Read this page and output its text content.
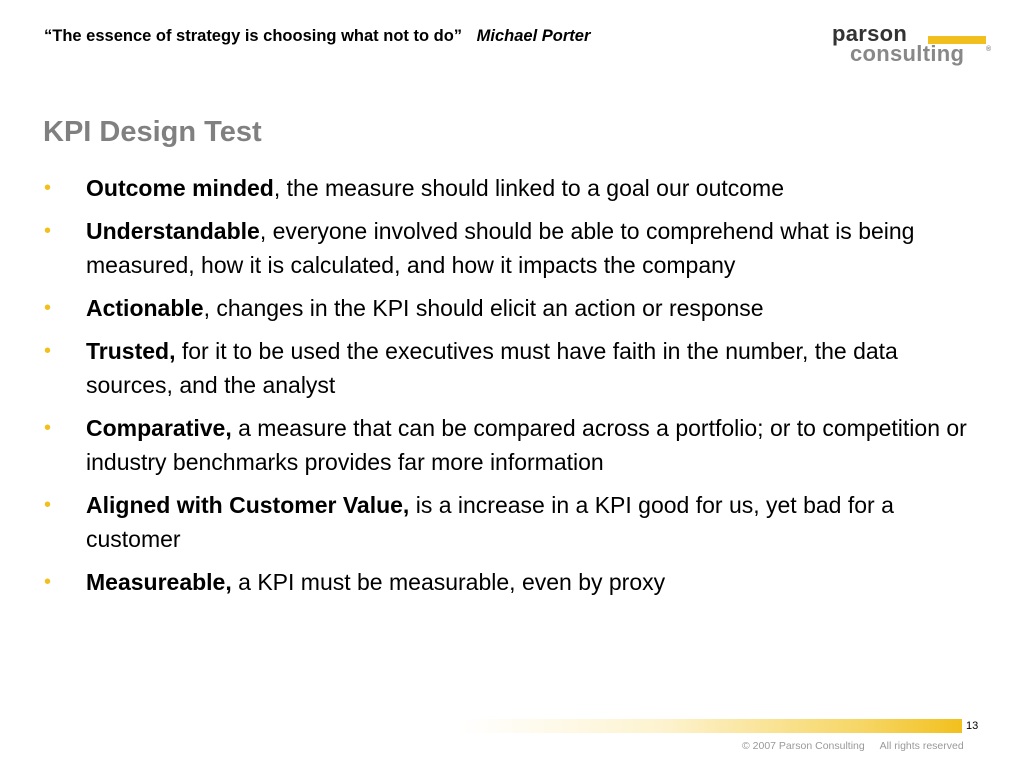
“The essence of strategy is choosing what not to do” Michael Porter	parson
consulting	®
KPI Design Test
• Outcome minded, the measure should linked to a goal our outcome
• Understandable, everyone involved should be able to comprehend what is being measured, how it is calculated, and how it impacts the company
• Actionable, changes in the KPI should elicit an action or response
• Trusted, for it to be used the executives must have faith in the number, the data sources, and the analyst
• Comparative, a measure that can be compared across a portfolio; or to competition or industry benchmarks provides far more information
• Aligned with Customer Value, is a increase in a KPI good for us, yet bad for a customer
• Measureable, a KPI must be measurable, even by proxy
13
© 2007 Parson Consulting All rights reserved
